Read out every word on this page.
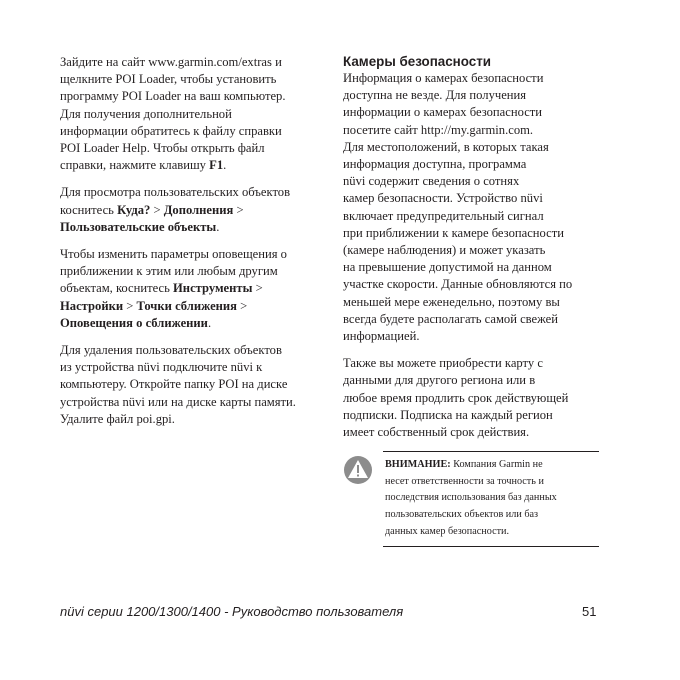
Зайдите на сайт www.garmin.com/extras и
щелкните POI Loader, чтобы установить
программу POI Loader на ваш компьютер.
Для получения дополнительной
информации обратитесь к файлу справки
POI Loader Help. Чтобы открыть файл
справки, нажмите клавишу F1.

Для просмотра пользовательских объектов
коснитесь Куда? > Дополнения >
Пользовательские объекты.

Чтобы изменить параметры оповещения о
приближении к этим или любым другим
объектам, коснитесь Инструменты >
Настройки > Точки сближения >
Оповещения о сближении.

Для удаления пользовательских объектов
из устройства nüvi подключите nüvi к
компьютеру. Откройте папку POI на диске
устройства nüvi или на диске карты памяти.
Удалите файл poi.gpi.

Камеры безопасности

Информация о камерах безопасности
доступна не везде. Для получения
информации о камерах безопасности
посетите сайт http://my.garmin.com.
Для местоположений, в которых такая
информация доступна, программа
nüvi содержит сведения о сотнях
камер безопасности. Устройство nüvi
включает предупредительный сигнал
при приближении к камере безопасности
(камере наблюдения) и может указать
на превышение допустимой на данном
участке скорости. Данные обновляются по
меньшей мере еженедельно, поэтому вы
всегда будете располагать самой свежей
информацией.

Также вы можете приобрести карту с
данными для другого региона или в
любое время продлить срок действующей
подписки. Подписка на каждый регион
имеет собственный срок действия.

ВНИМАНИЕ: Компания Garmin не
несет ответственности за точность и
последствия использования баз данных
пользовательских объектов или баз
данных камер безопасности.
nüvi серии 1200/1300/1400 - Руководство пользователя	51
